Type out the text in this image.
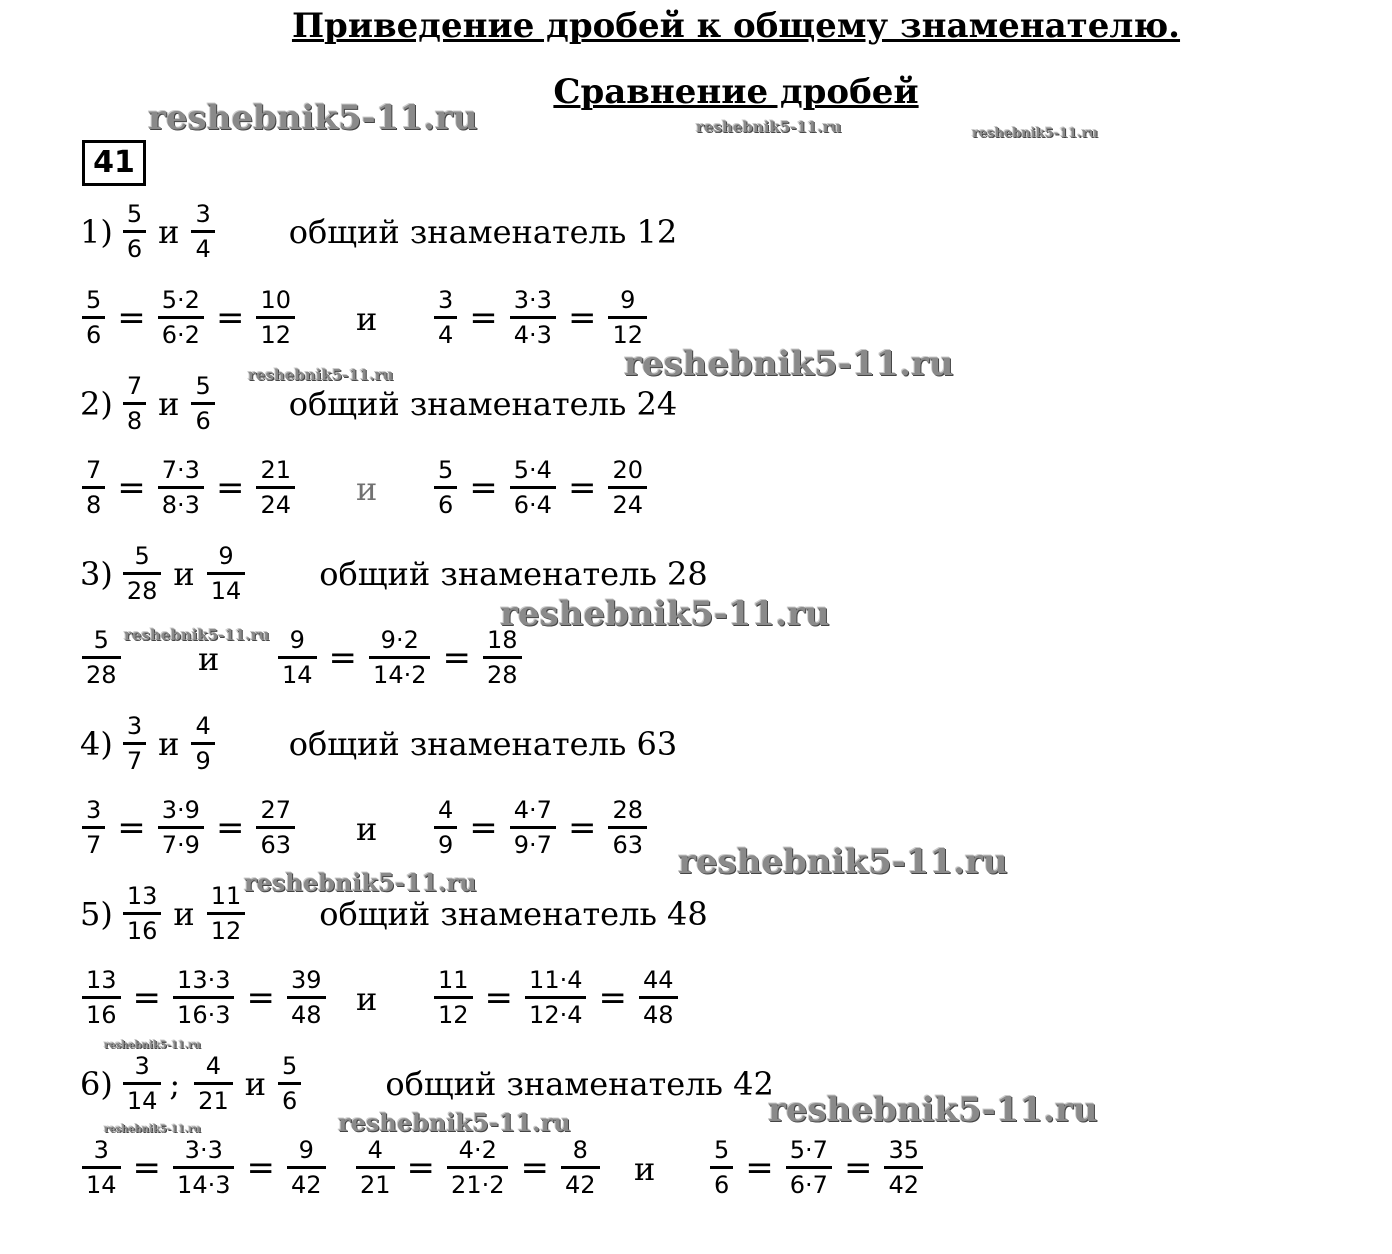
Приведение дробей к общему знаменателю.
Сравнение дробей
41
reshebnik5-11.ru	reshebnik5-11.ru	reshebnik5-11.ru
reshebnik5-11.ru
reshebnik5-11.ru
reshebnik5-11.ru
reshebnik5-11.ru
reshebnik5-11.ru
reshebnik5-11.ru
reshebnik5-11.ru
reshebnik5-11.ru
reshebnik5-11.ru
reshebnik5-11.ru
$1) \frac{5}{6}$ и $\frac{3}{4}$ общий знаменатель 12
$\frac{5}{6} = \frac{5\cdot 2}{6\cdot 2} = \frac{10}{12}$ и $\frac{3}{4} = \frac{3\cdot 3}{4\cdot 3} = \frac{9}{12}$
$2) \frac{7}{8}$ и $\frac{5}{6}$ общий знаменатель 24
$\frac{7}{8} = \frac{7\cdot 3}{8\cdot 3} = \frac{21}{24}$ и $\frac{5}{6} = \frac{5\cdot 4}{6\cdot 4} = \frac{20}{24}$
$3) \frac{5}{28}$ и $\frac{9}{14}$ общий знаменатель 28
$\frac{5}{28}$ и $\frac{9}{14} = \frac{9\cdot 2}{14\cdot 2} = \frac{18}{28}$
$4) \frac{3}{7}$ и $\frac{4}{9}$ общий знаменатель 63
$\frac{3}{7} = \frac{3\cdot 9}{7\cdot 9} = \frac{27}{63}$ и $\frac{4}{9} = \frac{4\cdot 7}{9\cdot 7} = \frac{28}{63}$
$5) \frac{13}{16}$ и $\frac{11}{12}$ общий знаменатель 48
$\frac{13}{16} = \frac{13\cdot 3}{16\cdot 3} = \frac{39}{48}$ и $\frac{11}{12} = \frac{11\cdot 4}{12\cdot 4} = \frac{44}{48}$
$6) \frac{3}{14}$ ; $\frac{4}{21}$ и $\frac{5}{6}$	общий знаменатель 42
$\frac{3}{14} = \frac{3\cdot 3}{14\cdot 3} = \frac{9}{42} \frac{4}{21} = \frac{4\cdot 2}{21\cdot 2} = \frac{8}{42}$ и $\frac{5}{6} = \frac{5\cdot 7}{6\cdot 7} = \frac{35}{42}$
